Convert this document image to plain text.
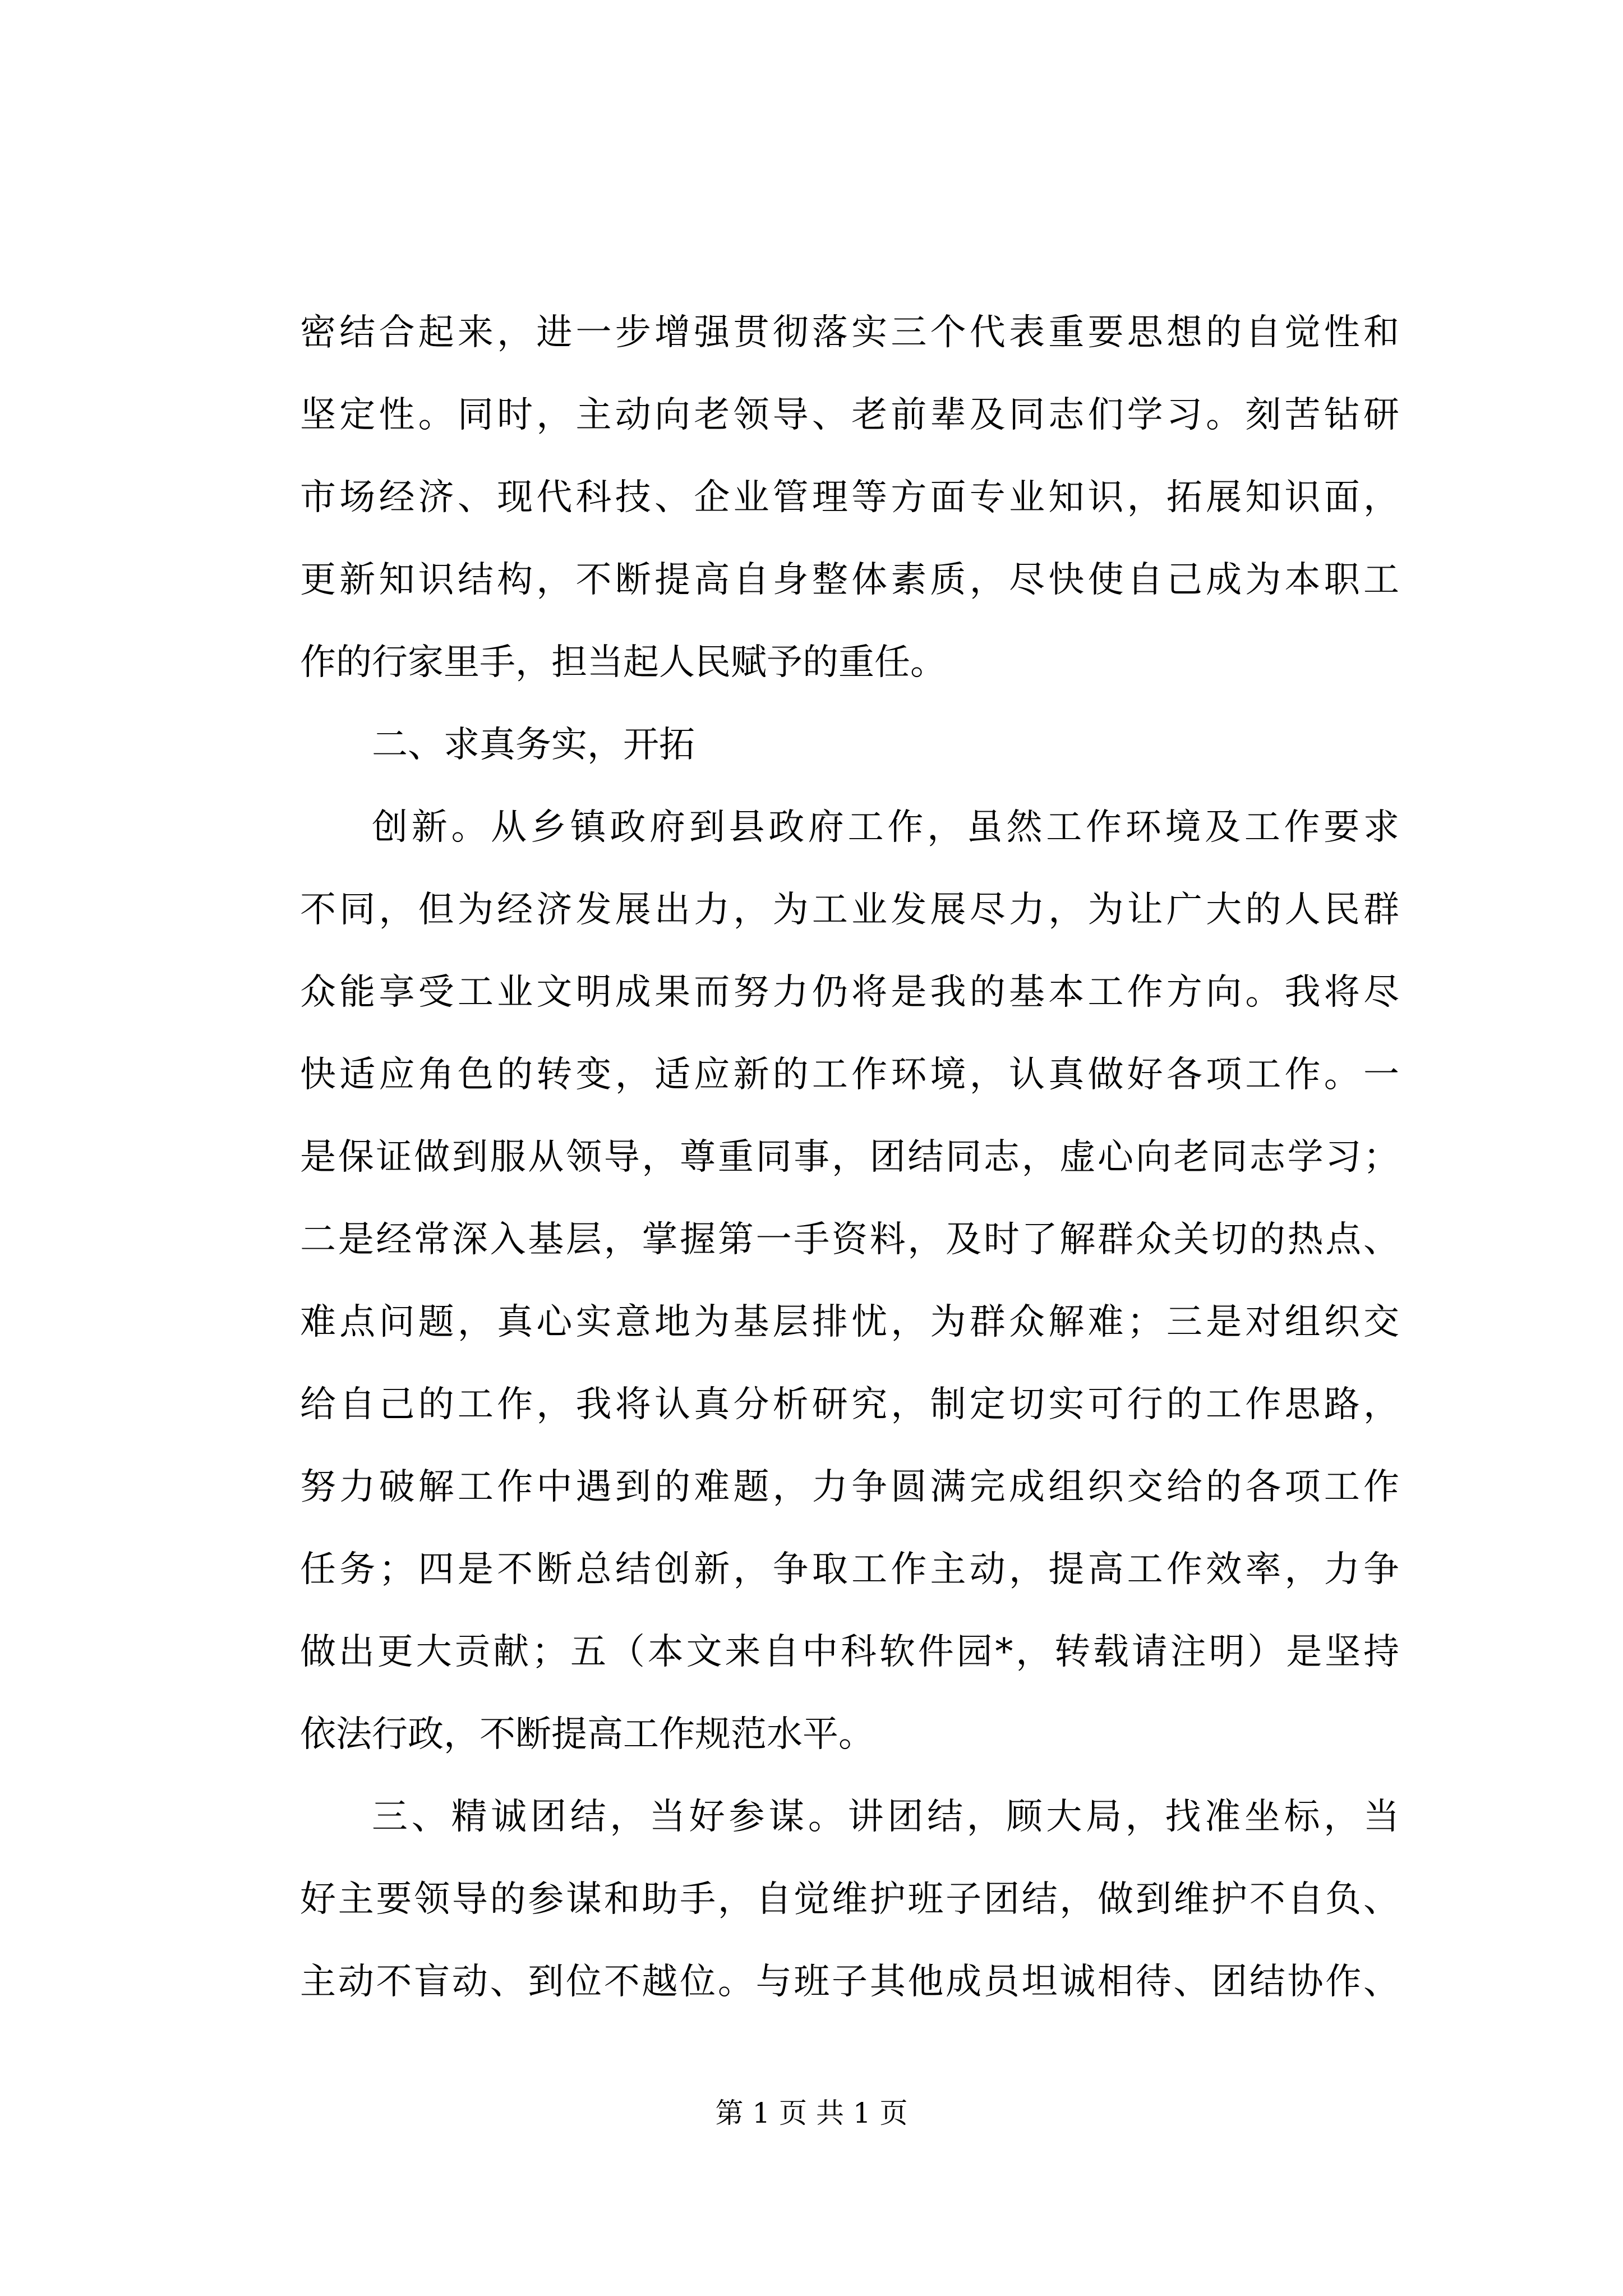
密结合起来，进一步增强贯彻落实三个代表重要思想的自觉性和
坚定性。同时，主动向老领导、老前辈及同志们学习。刻苦钻研
市场经济、现代科技、企业管理等方面专业知识，拓展知识面，
更新知识结构，不断提高自身整体素质，尽快使自己成为本职工
作的行家里手，担当起人民赋予的重任。
二、求真务实，开拓
创新。从乡镇政府到县政府工作，虽然工作环境及工作要求
不同，但为经济发展出力，为工业发展尽力，为让广大的人民群
众能享受工业文明成果而努力仍将是我的基本工作方向。我将尽
快适应角色的转变，适应新的工作环境，认真做好各项工作。一
是保证做到服从领导，尊重同事，团结同志，虚心向老同志学习；
二是经常深入基层，掌握第一手资料，及时了解群众关切的热点、
难点问题，真心实意地为基层排忧，为群众解难；三是对组织交
给自己的工作，我将认真分析研究，制定切实可行的工作思路，
努力破解工作中遇到的难题，力争圆满完成组织交给的各项工作
任务；四是不断总结创新，争取工作主动，提高工作效率，力争
做出更大贡献；五（本文来自中科软件园*，转载请注明）是坚持
依法行政，不断提高工作规范水平。
三、精诚团结，当好参谋。讲团结，顾大局，找准坐标，当
好主要领导的参谋和助手，自觉维护班子团结，做到维护不自负、
主动不盲动、到位不越位。与班子其他成员坦诚相待、团结协作、
第 1 页 共 1 页
